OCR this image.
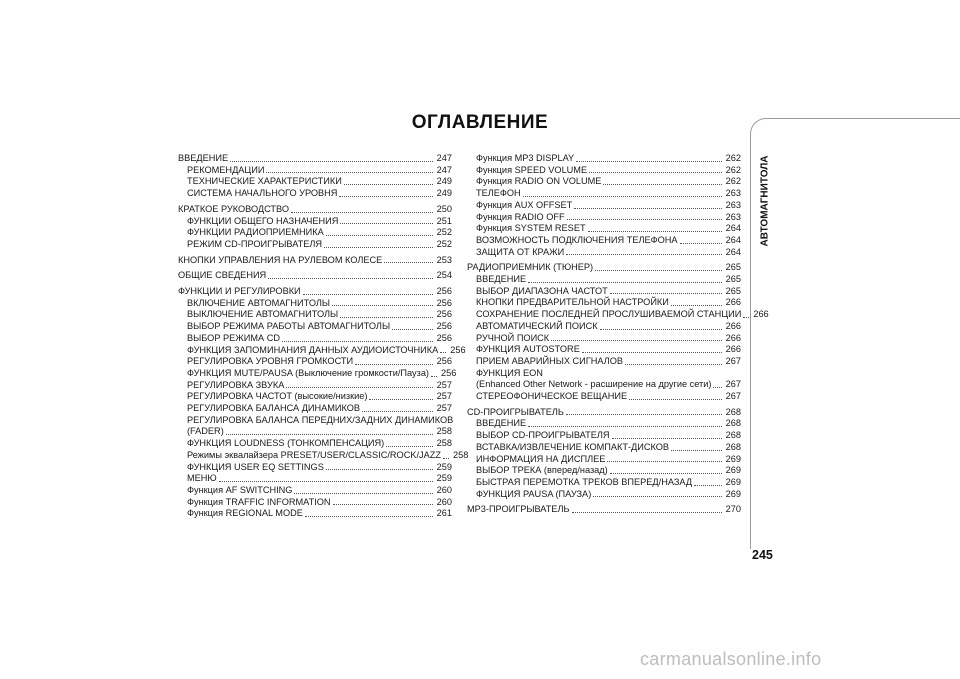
АВТОМАГНИТОЛА
245
ОГЛАВЛЕНИЕ
ВВЕДЕНИЕ	247
РЕКОМЕНДАЦИИ	247
ТЕХНИЧЕСКИЕ ХАРАКТЕРИСТИКИ	249
СИСТЕМА НАЧАЛЬНОГО УРОВНЯ	249
КРАТКОЕ РУКОВОДСТВО	250
ФУНКЦИИ ОБЩЕГО НАЗНАЧЕНИЯ	251
ФУНКЦИИ РАДИОПРИЕМНИКА	252
РЕЖИМ CD-ПРОИГРЫВАТЕЛЯ	252
КНОПКИ УПРАВЛЕНИЯ НА РУЛЕВОМ КОЛЕСЕ	253
ОБЩИЕ СВЕДЕНИЯ	254
ФУНКЦИИ И РЕГУЛИРОВКИ	256
ВКЛЮЧЕНИЕ АВТОМАГНИТОЛЫ	256
ВЫКЛЮЧЕНИЕ АВТОМАГНИТОЛЫ	256
ВЫБОР РЕЖИМА РАБОТЫ АВТОМАГНИТОЛЫ	256
ВЫБОР РЕЖИМА CD	256
ФУНКЦИЯ ЗАПОМИНАНИЯ ДАННЫХ АУДИОИСТОЧНИКА 256
РЕГУЛИРОВКА УРОВНЯ ГРОМКОСТИ	256
ФУНКЦИЯ MUTE/PAUSA (Выключение громкости/Пауза) 256
РЕГУЛИРОВКА ЗВУКА	257
РЕГУЛИРОВКА ЧАСТОТ (высокие/низкие)	257
РЕГУЛИРОВКА БАЛАНСА ДИНАМИКОВ	257
РЕГУЛИРОВКА БАЛАНСА ПЕРЕДНИХ/ЗАДНИХ ДИНАМИКОВ
(FADER)	258
ФУНКЦИЯ LOUDNESS (ТОНКОМПЕНСАЦИЯ)	258
Режимы эквалайзера PRESET/USER/CLASSIC/ROCK/JAZZ 258
ФУНКЦИЯ USER EQ SETTINGS	259
МЕНЮ	259
Функция AF SWITCHING	260
Функция TRAFFIC INFORMATION	260
Функция REGIONAL MODE	261
Функция MP3 DISPLAY	262
Функция SPEED VOLUME	262
Функция RADIO ON VOLUME	262
ТЕЛЕФОН	263
Функция AUX OFFSET	263
Функция RADIO OFF	263
Функция SYSTEM RESET	264
ВОЗМОЖНОСТЬ ПОДКЛЮЧЕНИЯ ТЕЛЕФОНА	264
ЗАЩИТА ОТ КРАЖИ	264
РАДИОПРИЕМНИК (ТЮНЕР)	265
ВВЕДЕНИЕ	265
ВЫБОР ДИАПАЗОНА ЧАСТОТ	265
КНОПКИ ПРЕДВАРИТЕЛЬНОЙ НАСТРОЙКИ	266
СОХРАНЕНИЕ ПОСЛЕДНЕЙ ПРОСЛУШИВАЕМОЙ СТАНЦИИ 266
АВТОМАТИЧЕСКИЙ ПОИСК	266
РУЧНОЙ ПОИСК	266
ФУНКЦИЯ AUTOSTORE	266
ПРИЕМ АВАРИЙНЫХ СИГНАЛОВ	267
ФУНКЦИЯ EON
(Enhanced Other Network - расширение на другие сети) 267
СТЕРЕОФОНИЧЕСКОЕ ВЕЩАНИЕ	267
CD-ПРОИГРЫВАТЕЛЬ	268
ВВЕДЕНИЕ	268
ВЫБОР CD-ПРОИГРЫВАТЕЛЯ	268
ВСТАВКА/ИЗВЛЕЧЕНИЕ КОМПАКТ-ДИСКОВ	268
ИНФОРМАЦИЯ НА ДИСПЛЕЕ	269
ВЫБОР ТРЕКА (вперед/назад)	269
БЫСТРАЯ ПЕРЕМОТКА ТРЕКОВ ВПЕРЕД/НАЗАД	269
ФУНКЦИЯ PAUSA (ПАУЗА)	269
MP3-ПРОИГРЫВАТЕЛЬ	270
carmanualsonline.info
